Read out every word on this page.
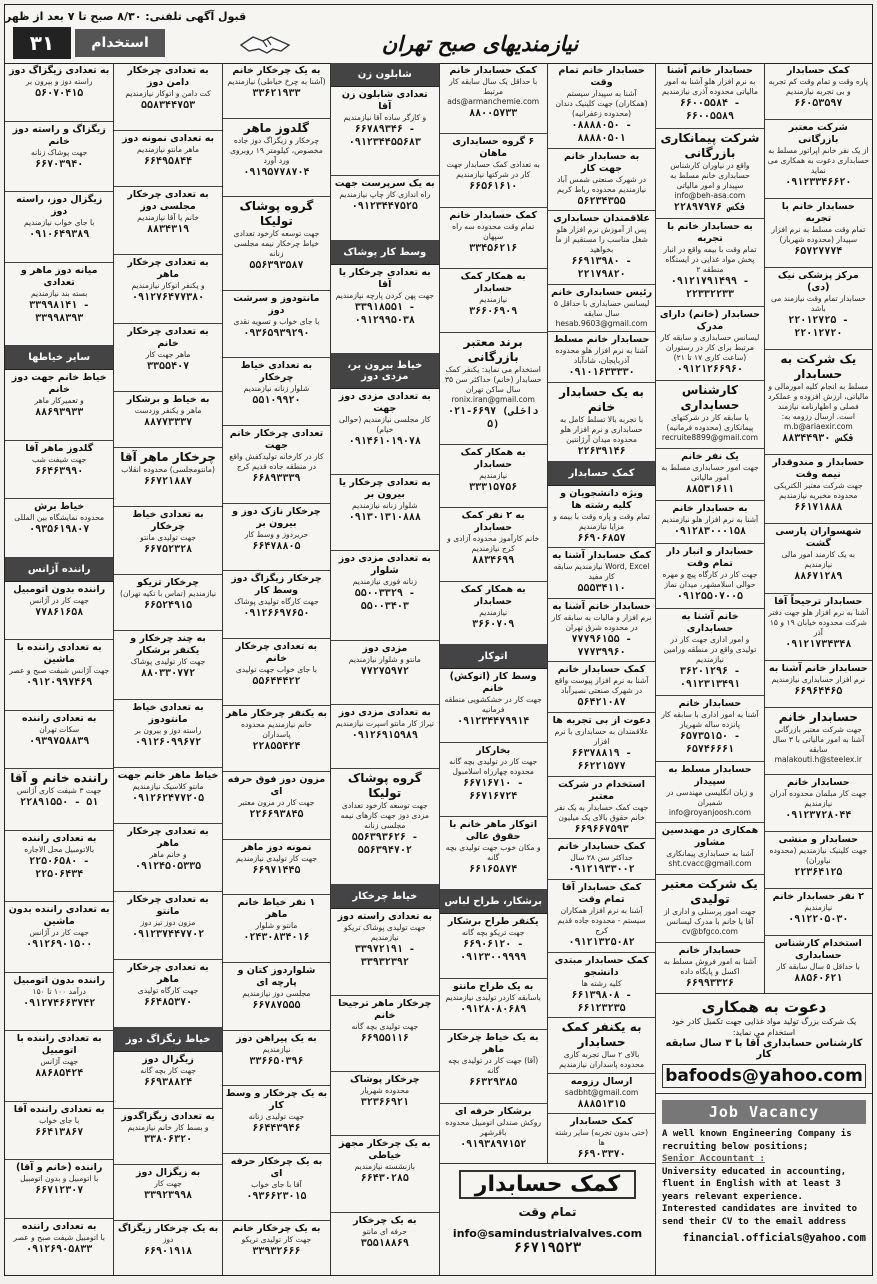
قبول آگهی تلفنی: ۸/۳۰ صبح تا ۷ بعد از ظهر
۳۱	استخدام	نیازمندیهای صبح تهران
کمک حسابدار
پاره وقت و تمام وقت کم تجربه و بی تجربه نیازمندیم
۶۶۰۵۳۵۹۷
شرکت معتبر بازرگانی
از یک نفر خانم اپراتور مسلط به حسابداری دعوت به همکاری می نماید
۰۹۱۲۳۳۴۶۶۲۰
حسابدار خانم با تجربه
تمام وقت مسلط به نرم افزار سپیدار (محدوده شهریار)
۶۵۷۲۷۷۷۴
مرکز پزشکی نیک (دی)
حسابدار تمام وقت نیازمند می باشد
۲۲۰۱۲۷۲۵ - ۲۲۰۱۲۷۲۰
یک شرکت به حسابدار
مسلط به انجام کلیه امورمالی و مالیاتی، ارزش افزوده و عملکرد فصلی و اظهارنامه نیازمند است. ارسال رزومه به: m.b@ariaexir.com
فکس ۸۸۳۴۴۹۳۰
حسابدار و مندوقدار نیمه وقت
جهت شرکت معتبر الکتریکی محدوده مخبریه نیازمندیم
۶۶۱۷۱۸۸۸
شهسواران پارسی گشت
به یک کارمند امور مالی نیازمندیم
۸۸۶۷۱۲۸۹
حسابدار ترجیحاً آقا
آشنا به نرم افزار هلو جهت دفتر شرکت محدوده خیابان ۱۹ و ۱۵ آذر
۰۹۱۲۱۷۳۴۳۴۸
حسابدار خانم آشنا به
نرم افزار حسابداری نیازمندیم
۶۶۹۶۴۴۶۵
حسابدار خانم
جهت شرکت معتبر بازرگانی آشنا به امور مالیاتی با ۳ سال سابقه malakouti.h@steelex.ir
حسابدار خانم
جهت کار مبلمان محدوده آدران نیازمندیم
۰۹۱۲۳۷۲۸۰۴۴
حسابدار و منشی
جهت کلینیک نیازمندیم (محدوده نیاوران)
۲۲۳۶۴۱۲۵
۲ نفر حسابدار خانم
نیازمندیم
۰۹۱۲۲۰۵۰۳۰
استخدام کارشناس حسابداری
با حداقل ۵ سال سابقه کار
۸۸۵۶۰۶۲۱
حسابدار خانم آشنا
به نرم افزار هلو آشنا به امور مالیاتی محدوده آذری نیازمندیم
۶۶۰۰۵۵۸۴ - ۶۶۰۰۵۵۸۹
شرکت پیمانکاری بازرگانی
واقع در نیاوران کارشناس حسابداری خانم مسلط به سپیدار و امور مالیاتی info@beh-asa.com
فکس ۲۲۸۹۷۹۷۶
به حسابدار خانم با تجربه
تمام وقت با بیمه واقع در انبار پخش مواد غذایی در ایستگاه منطقه ۲
۰۹۱۲۱۷۹۱۴۹۹ - ۲۲۳۳۲۲۳۳
حسابدار (خانم) دارای مدرک
لیسانس حسابداری و سابقه کار مرتبط برای کار در رستوران (ساعت کاری ۱۷ تا ۲۱)
۰۹۱۲۱۲۶۶۹۶۰
کارشناس حسابداری
با سابقه کار در شرکتهای پیمانکاری (محدوده فرمانیه) recruite8899@gmail.com
یک نفر خانم
جهت امور حسابداری مسلط به امور مالیاتی
۸۸۵۳۱۶۱۱
به حسابدار خانم
آشنا به نرم افزار هلو نیازمندیم
۰۹۱۲۸۳۰۰۰۱۵۸
حسابدار و انبار دار تمام وقت
جهت کار در کارگاه پیچ و مهره حوالی اسلامشهر، میدان نماز
۰۹۱۲۵۵۰۷۰۰۵
خانم آشنا به حسابداری
و امور اداری جهت کار در تولیدی واقع در منطقه ورامین نیازمندیم
۳۶۲۰۱۲۹۶ - ۰۹۱۲۳۱۳۴۹۱
حسابدار خانم
آشنا به امور اداری با سابقه کار پانزده ساله شهریار
۶۵۷۳۵۱۵۰ - ۶۵۷۴۶۶۶۱
حسابدار مسلط به سپیدار
و زبان انگلیسی مهندسی در شمیران info@royanjoosh.com
همکاری در مهندسین مشاور
آشنا به حسابداری پیمانکاری sht.cvacc@gmail.com
یک شرکت معتبر تولیدی
جهت امور پرسنلی و اداری از آقا یا خانم با مدرک لیسانس cv@bfgco.com
حسابدار خانم
آشنا به امور فروش مسلط به اکسل و پایگاه داده
۶۶۹۹۳۳۲۶
حسابدار خانم تمام وقت
آشنا به سپیدار سیستم (همکاران) جهت کلینیک دندان (محدوده زعفرانیه)
۰۸۸۸۸۰۵۰ - ۸۸۸۸۰۵۰۱
به حسابدار خانم جهت کار
در شهرک صنعتی شمس آباد نیازمندیم محدوده رباط کریم
۵۶۲۳۴۳۵۵
علاقمندان حسابداری
پس از آموزش نرم افزار هلو شغل مناسب را مستقیم از ما بخواهید
۶۶۹۱۳۹۸۰ - ۲۲۱۷۹۸۲۰
رئیس حسابداری خانم
لیسانس حسابداری با حداقل ۵ سال سابقه hesab.9603@gmail.com
حسابدار خانم مسلط
آشنا به نرم افزار هلو محدوده آذربایجان، شادآباد
۰۹۱۰۱۶۳۳۳۳۰
به یک حسابدار خانم
با تجربه بالا تسلط کامل به حسابداری و نرم افزار هلو محدوده میدان آرژانتین
۲۲۶۳۹۱۴۶
کمک حسابدار
ویژه دانشجویان و کلیه رشته ها
تمام وقت و پاره وقت با بیمه و مزایا نیازمندیم
۶۶۹۰۶۸۵۷
کمک حسابدار آشنا به
Word, Excel نیازمندیم سابقه کار مفید
۵۵۵۳۴۱۱۰
حسابدار خانم آشنا به
نرم افزار و مالیات به سابقه کار در محدوده شرق تهران
۷۷۷۹۶۱۵۵ - ۷۷۷۳۹۹۶۰
کمک حسابدار خانم
آشنا به نرم افزار پیوست واقع در شهرک صنعتی نصیرآباد
۵۶۴۲۱۰۸۷
دعوت از بی تجربه ها
علاقمندان به حسابداری با نرم افزار
۶۶۳۷۸۸۱۹ - ۶۶۲۲۱۵۷۷
استخدام در شرکت معتبر
جهت کمک حسابدار به یک نفر خانم حقوق بالای یک میلیون
۶۶۹۶۶۷۵۹۳
کمک حسابدار خانم
حداکثر سن ۲۸ سال
۰۹۱۲۱۹۳۳۰۰۲
کمک حسابدار آقا تمام وقت
آشنا به نرم افزار همکاران سیستم - محدوده جاده قدیم کرج
۰۹۱۲۱۳۲۵۰۸۲
کمک حسابدار مبتدی دانشجو
کلیه رشته ها
۶۶۱۳۹۸۰۸ - ۶۶۱۲۳۲۳۵
به یکنفر کمک حسابدار
بالای ۲ سال تجربه کاری محدوده پاسداران نیازمندیم
ارسال رزومه
sadbht@gmail.com
۸۸۸۵۱۳۱۵
کمک حسابدار
(حتی بدون تجربه) سایر رشته ها
۶۶۹۰۳۳۷۰
کمک حسابدار خانم
با حداقل یک سال سابقه کار مرتبط ads@armanchemie.com
۸۸۰۰۵۷۳۳
۶ گروه حسابداری ماهان
به تعدادی کمک حسابدار جهت کار در شرکتها نیازمندیم
۶۶۵۶۱۶۱۰
کمک حسابدار خانم
تمام وقت محدوده سه راه سپهان
۳۳۴۵۶۲۱۶
به همکار کمک حسابدار
نیازمندیم
۳۶۶۰۶۹۰۹
برند معتبر بازرگانی
استخدام می نماید: یکنفر کمک حسابدار (خانم) حداکثر سن ۳۵ سال ساکن تهران ronix.iran@gmail.com
۰۲۱-۶۶۹۷ (داخلی ۵)
به همکار کمک حسابدار
نیازمندیم
۳۳۳۱۵۷۵۶
به ۲ نفر کمک حسابدار
خانم کارآموز محدوده آزادی و کرج نیازمندیم
۸۸۳۴۶۹۹
به همکار کمک حسابدار
نیازمندیم
۳۶۶۰۷۰۹
اتوکار
وسط کار (اتوکش) خانم
جهت کار در خشکشویی منطقه فرمانیه
۰۹۱۲۳۴۴۷۹۹۱۴
بخارکار
جهت کار در تولیدی بچه گانه محدوده چهارراه اسلامبول
۶۶۷۱۶۷۱۰ - ۶۶۷۱۶۷۲۴
اتوکار ماهر خانم با حقوق عالی
و مکان خوب جهت تولیدی بچه گانه
۶۶۱۶۵۸۷۴
برشکار، طراح لباس
یکنفر طراح برشکار
جهت تریکو بچه گانه
۶۶۹۰۶۱۲۰ - ۰۹۱۲۳۰۰۹۹۹۹
به یک طراح مانتو
باسابقه کاردر تولیدی نیازمندیم
۰۹۱۲۸۰۸۰۶۸۹
به یک خیاط چرخکار ماهر
(آقا) جهت کار در تولیدی بچه گانه
۶۶۳۲۹۳۸۵
برشکار حرفه ای
روکش صندلی اتومبیل محدوده باقرشهر
۰۹۱۹۳۸۹۷۱۵۲
شابلون زن
تعدادی شابلون زن آقا
و کارگر ساده آقا نیازمندیم
۶۶۷۸۹۳۴۶ - ۰۹۱۲۳۴۴۵۵۶۸۳
به یک سرپرست جهت
راه اندازی کار چاپ نیازمندیم
۰۹۱۲۳۴۴۷۵۲۵
وسط کار پوشاک
به تعدادی چرخکار یا آقا
جهت پهن کردن پارچه نیازمندیم
۳۳۹۱۸۵۵۱ - ۰۹۱۲۹۹۵۰۳۸
خیاط بیرون بر، مزدی دوز
به تعدادی مزدی دوز جهت
کار مجلسی نیازمندیم (حوالی خیام)
۰۹۱۴۶۱۰۱۹۰۷۸
به تعدادی چرخکار یا بیرون بر
شلوار زنانه نیازمندیم
۰۹۱۳۰۱۳۱۰۸۸۸
به تعدادی مزدی دوز شلوار
زنانه فوری نیازمندیم
۵۵۰۰۳۳۲۹ - ۵۵۰۰۳۴۰۳
مزدی دوز
مانتو و شلوار نیازمندیم
۷۷۲۷۵۹۷۲
به تعدادی مزدی دوز
تیراژ کار مانتو اسپرت نیازمندیم
۰۹۱۲۶۹۱۵۹۸۹
گروه پوشاک تولیکا
جهت توسعه کارخود تعدادی مزدی دوز جهت کارهای نیمه مجلسی زنانه
۵۵۶۳۹۳۶۲۶ - ۵۵۶۳۹۴۷۰۲
خیاط چرخکار
به تعدادی راسته دوز
جهت تولیدی پوشاک تریکو نیازمندیم
۳۳۹۷۲۱۹۱ - ۳۳۹۳۲۳۹۲
چرخکار ماهر ترجیحا خانم
جهت تولیدی بچه گانه
۶۶۹۵۵۱۱۶
چرخکار پوشاک
محدوده شهریار
۳۲۳۶۶۹۲۱
به یک چرخکار مجهز خیاطی
بازنشسته نیازمندیم
۶۶۴۳۰۲۸۵
به یک چرخکار
حرفه ای مانتو
۳۵۵۱۸۸۶۹
به یک چرخکار خانم
(آشنا به چرخ خیاطی) نیازمندیم
۳۳۶۲۱۹۳۳
گلدوز ماهر
چرخکار و زیگزاگ دوز جاده مخصوص، کیلومتر ۱۹ روبروی ورد آورد
۰۹۱۹۵۷۷۸۷۰۴
گروه پوشاک تولیکا
جهت توسعه کارخود تعدادی خیاط چرخکار نیمه مجلسی زنانه
۵۵۶۳۹۳۵۸۷
مانتودوز و سرشت دوز
با جای خواب و تسویه نقدی
۰۹۳۶۵۹۳۹۲۹۰
به تعدادی خیاط چرخکار
شلوار زنانه نیازمندیم
۵۵۱۰۹۹۲۰
تعدادی چرخکار خانم جهت
کار در کارخانه تولیدکفش واقع در منطقه جاده قدیم کرج
۶۶۸۹۳۳۳۹
چرخکار نازک دوز و بیرون بر
حریردوز و وسط کار
۶۶۴۷۸۸۰۵
چرخکار زیگزاگ دوز وسط کار
جهت کارگاه تولیدی پوشاک
۰۹۱۲۶۶۹۷۶۵۰
به تعدادی چرخکار خانم
با جای خواب جهت تولیدی
۵۵۶۴۴۴۲۲
به یکنفر چرخکار ماهر
خانم نیازمندیم محدوده پاسداران
۲۲۸۵۵۴۲۴
مزون دوز فوق حرفه ای
جهت کار در مزون معتبر
۲۲۶۶۹۳۸۴۵
نمونه دوز ماهر
جهت کار تولیدی نیازمندیم
۶۶۹۷۱۴۴۵
۱ نفر خیاط خانم ماهر
مانتو و شلوار
۰۲۴۳۰۸۳۴۰۱۶
شلواردوز کتان و پارچه ای
مجلسی دوز نیازمندیم
۶۶۷۸۷۵۵۵
به یک پیراهن دوز
نیازمندیم
۳۳۶۶۵۰۳۹۶
به یک چرخکار و وسط کار
جهت تولیدی زنانه
۶۶۴۴۳۹۴۶
به یک چرخکار حرفه ای
آقا با جای خواب
۰۹۳۶۶۲۳۰۱۵
به یک چرخکار خانم
جهت کار تولیدی تریکو
۳۳۹۳۲۶۶۶
به تعدادی چرخکار دامن دوز
کت دامن و اتوکار نیازمندیم
۵۵۸۳۴۴۷۵۳
به تعدادی نمونه دوز
ماهر مانتو نیازمندیم
۶۶۴۹۵۸۴۴
به تعدادی چرخکار مجلسی دوز
خانم یا آقا نیازمندیم
۸۸۳۴۳۱۹
به تعدادی چرخکار ماهر
و یکنفر اتوکار نیازمندیم
۰۹۱۲۷۶۴۷۷۳۸۰
به تعدادی چرخکار خانم
ماهر جهت کار
۳۳۵۵۴۰۷
به خیاط و برشکار
ماهر و یکنفر وردست
۸۸۷۷۳۳۳۷
چرخکار ماهر آقا
(مانتومجلسی) محدوده انقلاب
۶۶۷۲۱۸۸۷
به تعدادی خیاط چرخکار
جهت تولیدی مانتو
۶۶۷۵۲۳۲۸
چرخکار تریکو
نیازمندیم (تماس با تکیه تهران)
۶۶۵۲۴۹۱۵
به چند چرخکار و یکنفر برشکار
جهت کار تولیدی پوشاک
۸۸۰۳۳۰۷۷۲
به تعدادی خیاط مانتودوز
راسته دوز و بیرون بر
۰۹۱۲۶۰۹۹۶۷۲
خیاط ماهر خانم جهت
مانتو کلاسیک نیازمندیم
۰۹۱۲۶۲۴۷۷۲۰۵
به تعدادی چرخکار ماهر
و خانم ماهر
۰۹۱۲۴۵۰۵۳۳۵
به تعدادی چرخکار مانتو
مزون دوز تیز دوز
۰۹۱۲۳۷۴۴۷۷۰۲
به تعدادی چرخکار ماهر
جهت کارگاه تولیدی
۶۶۴۸۵۳۷۰
خیاط زیگزاگ دوز
زیگزال دوز
جهت کار بچه گانه
۶۶۹۳۸۸۲۴
به تعدادی زیگزاگدوز
و بسط کار خانم نیازمندیم
۳۳۸۰۶۳۲۰
به زیگزال دوز
جهت کار
۳۳۹۲۳۹۹۸
به یک چرخکار زیگزاگ
دوز
۶۶۹۰۱۹۱۸
به تعدادی زیگزاگ دوز
راسته دوز و بیرون بر
۵۶۰۷۰۴۱۵
زیگزاگ و راسته دوز خانم
جهت پوشاک زنانه
۶۶۷۰۳۹۴۰
زیگزال دوز، راسته دوز
با جای خواب نیازمندیم
۰۹۱۰۶۴۹۳۸۹
میانه دوز ماهر و تعدادی
بسته بند نیازمندیم
۳۳۹۹۸۱۴۱ - ۳۳۹۹۸۳۹۳
سایر خیاطها
خیاط خانم جهت دوز خانم
و تعمیرکار ماهر
۸۸۶۹۳۹۳۳
گلدوز ماهر آقا
جهت شیفت شب
۶۶۴۶۳۹۹۰
خیاط برش
محدوده نمایشگاه بین المللی
۰۹۳۵۶۱۹۸۰۷
راننده آژانس
راننده بدون اتومبیل
جهت کار در آژانس
۷۷۸۶۱۶۵۸
به تعدادی راننده با ماشین
جهت آژانس شیفت صبح و عصر
۰۹۱۲۰۹۹۷۴۶۹
به تعدادی راننده
سکات تهران
۰۹۳۹۷۵۸۸۳۹
راننده خانم و آقا
جهت ۳ شیفت کاری آژانس
۲۲۸۹۱۵۵۰ - ۵۱
به تعدادی راننده
بالاتومبیل محل الاجاره
۲۲۵۰۶۵۸۰ - ۲۲۵۰۶۴۳۴
به تعدادی راننده بدون ماشین
جهت کار در آژانس
۰۹۱۲۶۹۰۱۵۰۰
راننده بدون اتومبیل
درآمد ۱۰۰ تا ۱۵۰
۰۹۱۲۷۴۶۶۳۷۴۲
به تعدادی راننده با اتومبیل
جهت آژانس
۸۸۶۸۵۴۲۴
به تعدادی راننده آقا
با جای خواب
۶۶۴۱۳۸۶۷
راننده (خانم و آقا)
با اتومبیل و بدون اتومبیل
۶۶۷۱۲۳۰۷
به تعدادی راننده
با اتومبیل شیفت صبح و عصر
۰۹۱۲۶۹۰۵۸۳۳
کمک حسابدار
تمام وقت
info@samindustrialvalves.com
۶۶۷۱۹۵۲۳
دعوت به همکاری
یک شرکت بزرگ تولید مواد غذایی جهت تکمیل کادر خود استخدام می نماید:
کارشناس حسابداری آقا با ۳ سال سابقه کار
bafoods@yahoo.com
Job Vacancy
A well known Engineering Company is recruiting below positions;
Senior Accountant :
University educated in accounting, fluent in English with at least 3 years relevant experience.
Interested candidates are invited to send their CV to the email address
financial.officials@yahoo.com
